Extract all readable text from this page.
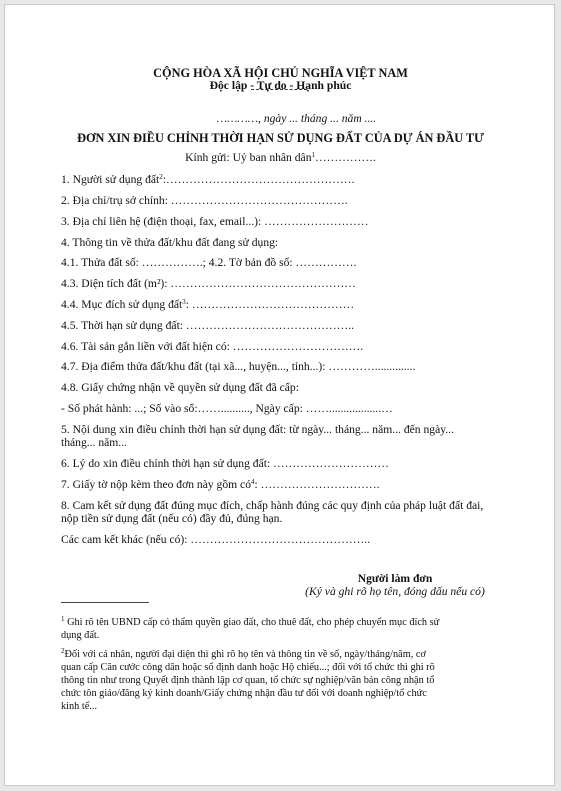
CỘNG HÒA XÃ HỘI CHỦ NGHĨA VIỆT NAM
Độc lập - Tự do - Hạnh phúc
…………, ngày ... tháng ... năm ....
ĐƠN XIN ĐIỀU CHỈNH THỜI HẠN SỬ DỤNG ĐẤT CỦA DỰ ÁN ĐẦU TƯ
Kính gửi: Uỷ ban nhân dân$^1$…………….
1. Người sử dụng đất$^2$:………………………………………….
2. Địa chỉ/trụ sở chính: ……………………………………….
3. Địa chỉ liên hệ (điện thoại, fax, email...): ………………………
4. Thông tin về thửa đất/khu đất đang sử dụng:
4.1. Thửa đất số: …………….; 4.2. Tờ bản đồ số: …………….
4.3. Diện tích đất (m²): …………………………………………
4.4. Mục đích sử dụng đất$^3$: ……………………………………
4.5. Thời hạn sử dụng đất: ……………………………………..
4.6. Tài sản gắn liền với đất hiện có: …………………………….
4.7. Địa điểm thửa đất/khu đất (tại xã..., huyện..., tỉnh...): …………..............
4.8. Giấy chứng nhận về quyền sử dụng đất đã cấp:
- Số phát hành: ...; Số vào sổ:…….........., Ngày cấp: ……..................…
5. Nội dung xin điều chỉnh thời hạn sử dụng đất: từ ngày... tháng... năm... đến ngày...
tháng... năm...
6. Lý do xin điều chỉnh thời hạn sử dụng đất: …………………………
7. Giấy tờ nộp kèm theo đơn này gồm $có^4$: ………………………….
8. Cam kết sử dụng đất đúng mục đích, chấp hành đúng các quy định của pháp luật đất đai,
nộp tiền sử dụng đất (nếu có) đầy đủ, đúng hạn.
Các cam kết khác (nếu có): ………………………………………..
Người làm đơn
(Ký và ghi rõ họ tên, đóng dấu nếu có)
$^1$ Ghi rõ tên UBND cấp có thẩm quyền giao đất, cho thuê đất, cho phép chuyển mục đích sử
dụng đất.
$^2$Đối với cá nhân, người đại diện thì ghi rõ họ tên và thông tin về số, ngày/tháng/năm, cơ
quan cấp Căn cước công dân hoặc số định danh hoặc Hộ chiếu...; đối với tổ chức thì ghi rõ
thông tin như trong Quyết định thành lập cơ quan, tổ chức sự nghiệp/văn bản công nhận tổ
chức tôn giáo/đăng ký kinh doanh/Giấy chứng nhận đầu tư đối với doanh nghiệp/tổ chức
kinh tế...
